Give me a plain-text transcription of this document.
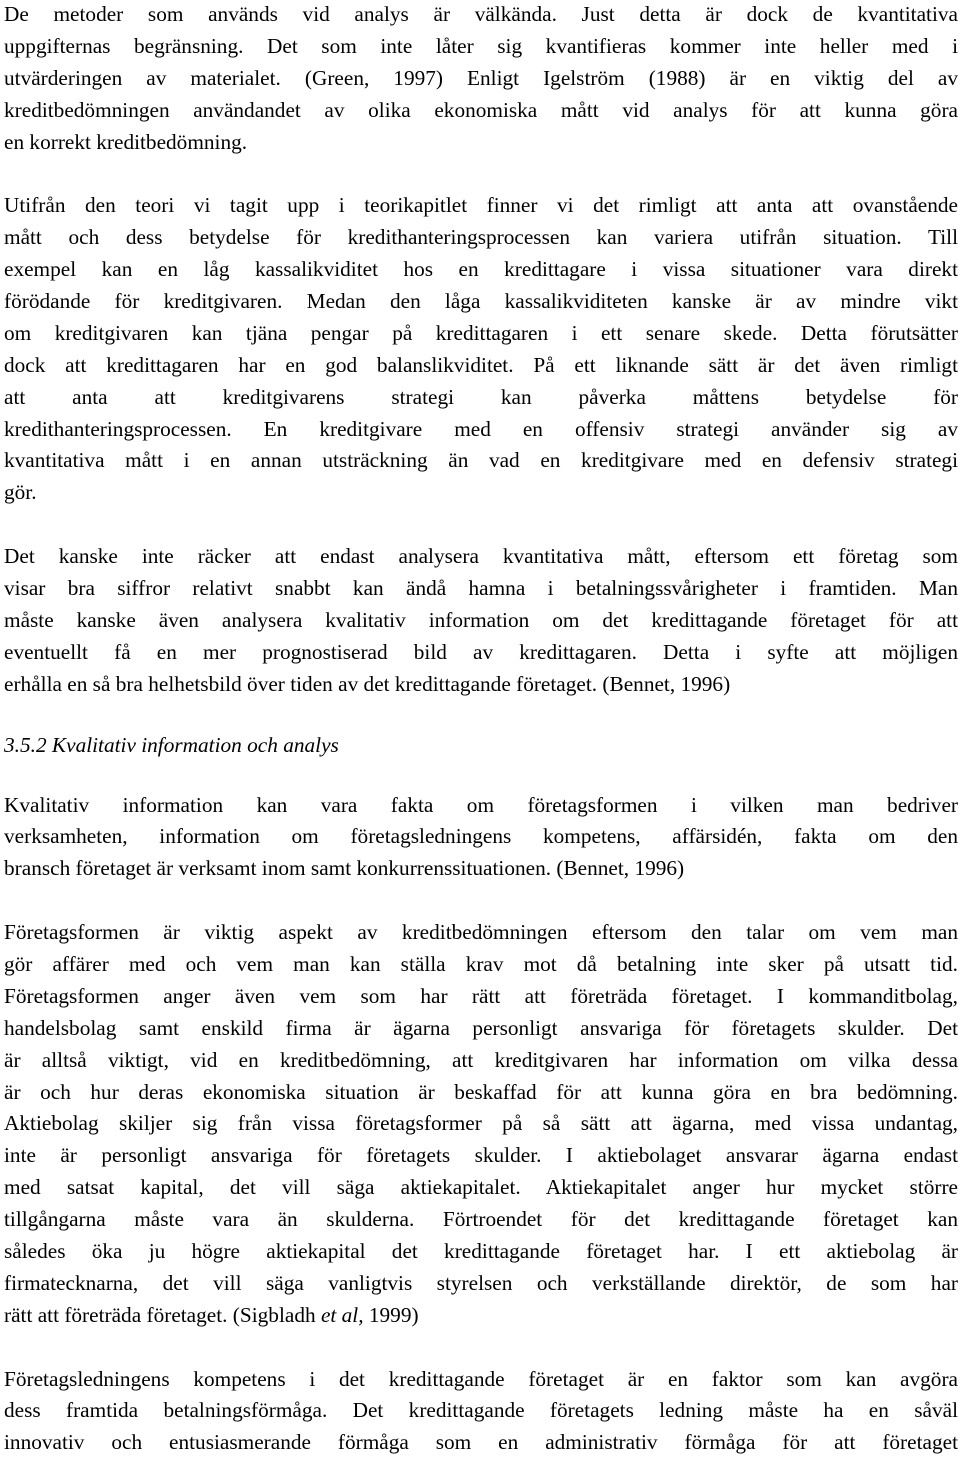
De metoder som används vid analys är välkända. Just detta är dock de kvantitativa
uppgifternas begränsning. Det som inte låter sig kvantifieras kommer inte heller med i
utvärderingen av materialet. (Green, 1997) Enligt Igelström (1988) är en viktig del av
kreditbedömningen användandet av olika ekonomiska mått vid analys för att kunna göra
en korrekt kreditbedömning.
Utifrån den teori vi tagit upp i teorikapitlet finner vi det rimligt att anta att ovanstående
mått och dess betydelse för kredithanteringsprocessen kan variera utifrån situation. Till
exempel kan en låg kassalikviditet hos en kredittagare i vissa situationer vara direkt
förödande för kreditgivaren. Medan den låga kassalikviditeten kanske är av mindre vikt
om kreditgivaren kan tjäna pengar på kredittagaren i ett senare skede. Detta förutsätter
dock att kredittagaren har en god balanslikviditet. På ett liknande sätt är det även rimligt
att anta att kreditgivarens strategi kan påverka måttens betydelse för
kredithanteringsprocessen. En kreditgivare med en offensiv strategi använder sig av
kvantitativa mått i en annan utsträckning än vad en kreditgivare med en defensiv strategi
gör.
Det kanske inte räcker att endast analysera kvantitativa mått, eftersom ett företag som
visar bra siffror relativt snabbt kan ändå hamna i betalningssvårigheter i framtiden. Man
måste kanske även analysera kvalitativ information om det kredittagande företaget för att
eventuellt få en mer prognostiserad bild av kredittagaren. Detta i syfte att möjligen
erhålla en så bra helhetsbild över tiden av det kredittagande företaget. (Bennet, 1996)
3.5.2 Kvalitativ information och analys
Kvalitativ information kan vara fakta om företagsformen i vilken man bedriver
verksamheten, information om företagsledningens kompetens, affärsidén, fakta om den
bransch företaget är verksamt inom samt konkurrenssituationen. (Bennet, 1996)
Företagsformen är viktig aspekt av kreditbedömningen eftersom den talar om vem man
gör affärer med och vem man kan ställa krav mot då betalning inte sker på utsatt tid.
Företagsformen anger även vem som har rätt att företräda företaget. I kommanditbolag,
handelsbolag samt enskild firma är ägarna personligt ansvariga för företagets skulder. Det
är alltså viktigt, vid en kreditbedömning, att kreditgivaren har information om vilka dessa
är och hur deras ekonomiska situation är beskaffad för att kunna göra en bra bedömning.
Aktiebolag skiljer sig från vissa företagsformer på så sätt att ägarna, med vissa undantag,
inte är personligt ansvariga för företagets skulder. I aktiebolaget ansvarar ägarna endast
med satsat kapital, det vill säga aktiekapitalet. Aktiekapitalet anger hur mycket större
tillgångarna måste vara än skulderna. Förtroendet för det kredittagande företaget kan
således öka ju högre aktiekapital det kredittagande företaget har. I ett aktiebolag är
firmatecknarna, det vill säga vanligtvis styrelsen och verkställande direktör, de som har
rätt att företräda företaget. (Sigbladh et al, 1999)
Företagsledningens kompetens i det kredittagande företaget är en faktor som kan avgöra
dess framtida betalningsförmåga. Det kredittagande företagets ledning måste ha en såväl
innovativ och entusiasmerande förmåga som en administrativ förmåga för att företaget
